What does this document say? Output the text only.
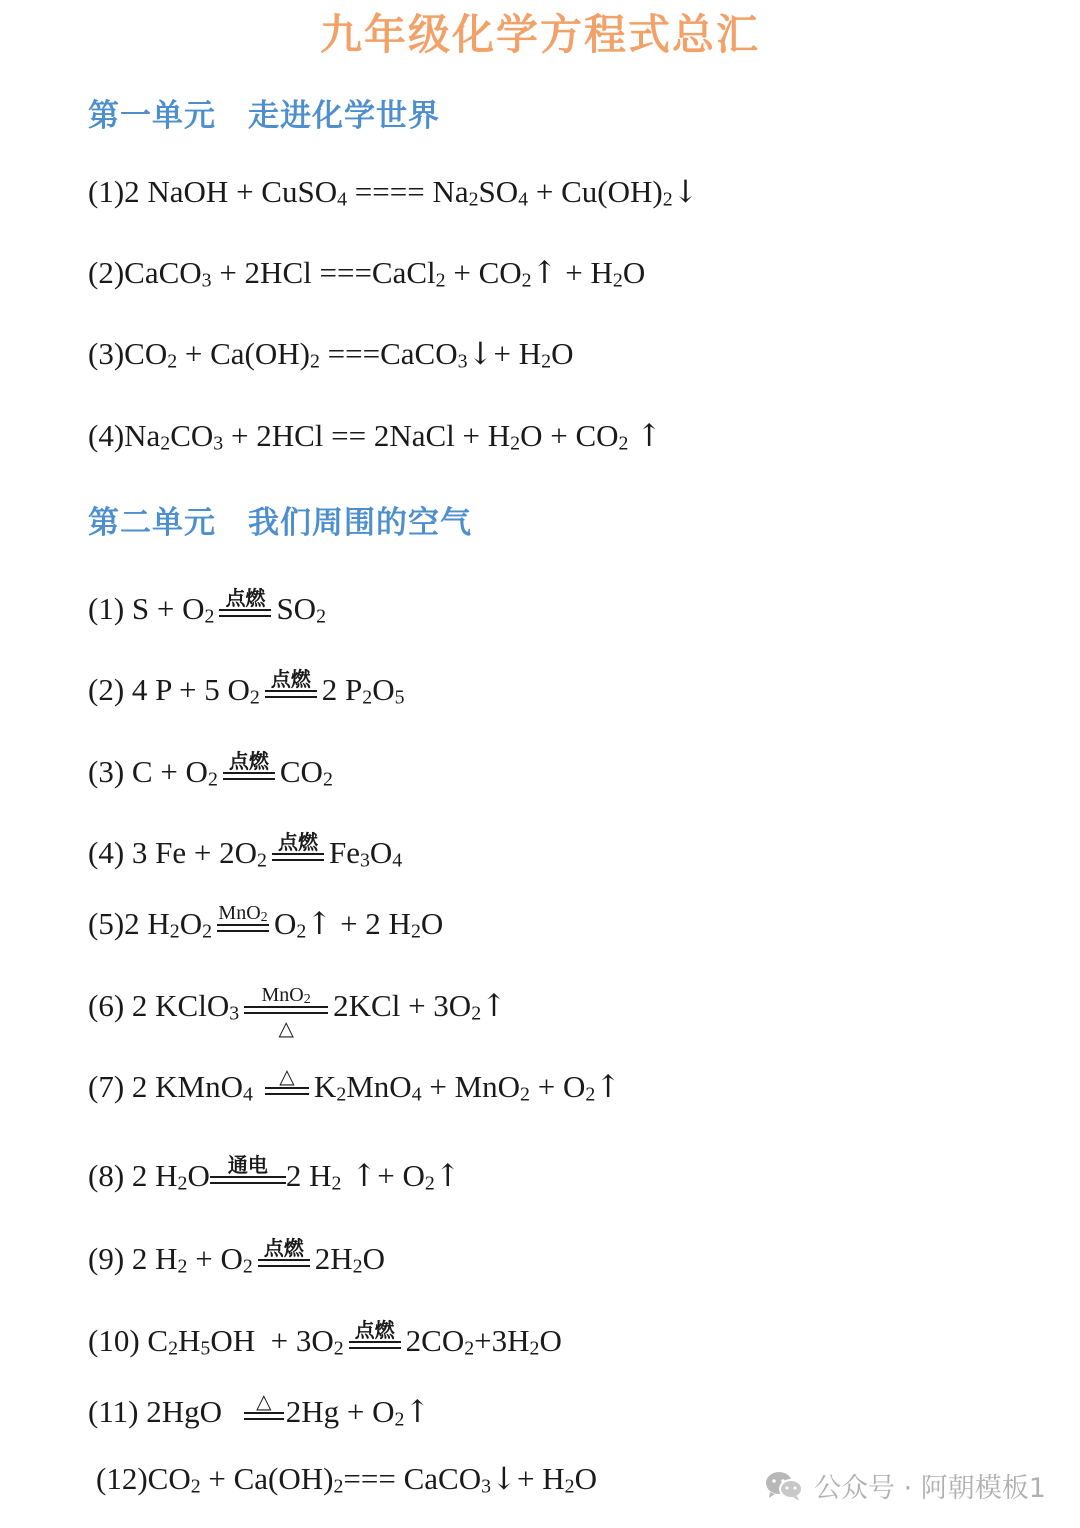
九年级化学方程式总汇
第一单元　走进化学世界
(1)2 NaOH + CuSO$_4$ ==== $Na_2SO_4$ + $Cu(OH)_2↓$
(2)CaCO$_3$ + 2HCl ===CaCl$_2$ + $CO_2↑ + H_2O$
$(3)CO_2 + Ca(OH)_2$ ===CaCO$_3$↓+ $H_2O$
$(4)Na_2CO_3 + 2HCl$ == 2NaCl + $H_2O + CO_2$ ↑
第二单元　我们周围的空气
(1) $S + O_2$
点燃 $SO_2$
(2) 4 P + 5 $O_2$
点燃 2 $P_2O_5$
(3) $C + O_2$
点燃 $CO_2$
(4) 3 $Fe + 2O_2$
点燃 $Fe_3O_4$
(5)2 $H_2O_2$
MnO$_2$ $O_2↑ + 2$ $H_2O$
(6) 2 KClO$_3$
MnO$_2$
△
$2KCl + 3O_2↑$
(7) 2 KMnO$_4$
△ $K_2MnO_4 + MnO_2$ + $O_2↑$
(8) 2 $H_2O$ 通电 2 $H_2$ ↑+ $O_2↑$
(9) 2 $H_2 + O_2$
点燃 $2H_2O$
(10) $C_2H_5OH + 3O_2$
点燃 $2CO_2+3H_2O$
(11) 2HgO	△ $2Hg + O_2↑$
$(12)CO_2 + Ca(OH)_2===$ CaCO$_3$↓+ $H_2O$	公众号 · 阿朝模板1
